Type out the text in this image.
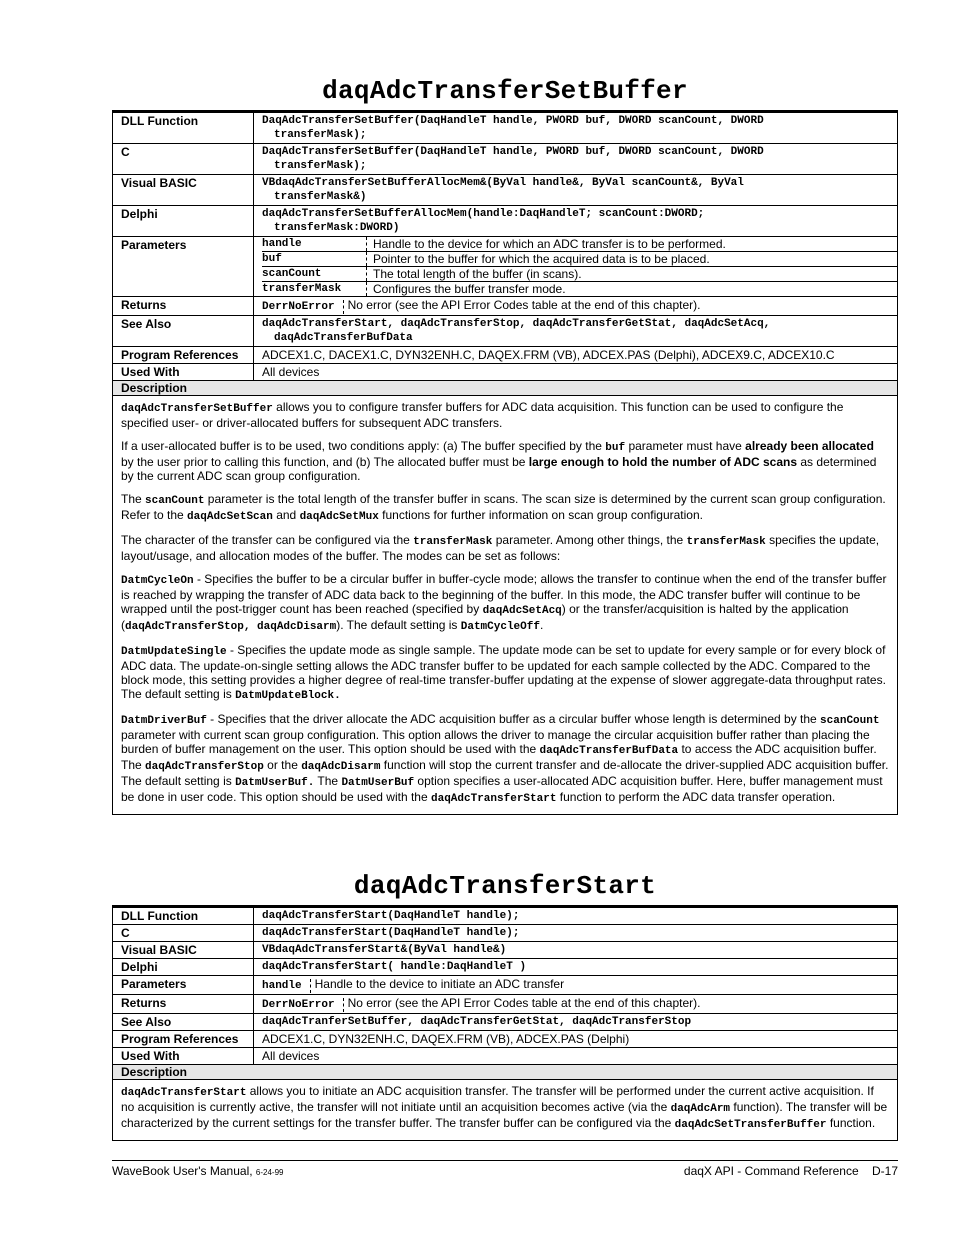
daqAdcTransferSetBuffer
DLL Function	DaqAdcTransferSetBuffer(DaqHandleT handle, PWORD buf, DWORD scanCount, DWORD
transferMask);

C	DaqAdcTransferSetBuffer(DaqHandleT handle, PWORD buf, DWORD scanCount, DWORD
transferMask);

Visual BASIC	VBdaqAdcTransferSetBufferAllocMem&(ByVal handle&, ByVal scanCount&, ByVal
transferMask&)

Delphi	daqAdcTransferSetBufferAllocMem(handle:DaqHandleT; scanCount:DWORD;
transferMask:DWORD)

Parameters		handle	Handle to the device for which an ADC transfer is to be performed.
buf	Pointer to the buffer for which the acquired data is to be placed.
scanCount	The total length of the buffer (in scans).
transferMask	Configures the buffer transfer mode.

Returns	DerrNoError No error (see the API Error Codes table at the end of this chapter).
See Also	daqAdcTransferStart, daqAdcTransferStop, daqAdcTransferGetStat, daqAdcSetAcq,
daqAdcTransferBufData

Program References	ADCEX1.C, DACEX1.C, DYN32ENH.C, DAQEX.FRM (VB), ADCEX.PAS (Delphi), ADCEX9.C, ADCEX10.C
Used With	All devices
Description

daqAdcTransferSetBuffer allows you to configure transfer buffers for ADC data acquisition. This function can be used to configure the specified user- or driver-allocated buffers for subsequent ADC transfers.

If a user-allocated buffer is to be used, two conditions apply: (a) The buffer specified by the buf parameter must have already been allocated by the user prior to calling this function, and (b) The allocated buffer must be large enough to hold the number of ADC scans as determined by the current ADC scan group configuration.

The scanCount parameter is the total length of the transfer buffer in scans. The scan size is determined by the current scan group configuration. Refer to the daqAdcSetScan and daqAdcSetMux functions for further information on scan group configuration.

The character of the transfer can be configured via the transferMask parameter. Among other things, the transferMask specifies the update, layout/usage, and allocation modes of the buffer. The modes can be set as follows:

DatmCycleOn - Specifies the buffer to be a circular buffer in buffer-cycle mode; allows the transfer to continue when the end of the transfer buffer is reached by wrapping the transfer of ADC data back to the beginning of the buffer. In this mode, the ADC transfer buffer will continue to be wrapped until the post-trigger count has been reached (specified by daqAdcSetAcq) or the transfer/acquisition is halted by the application (daqAdcTransferStop, daqAdcDisarm). The default setting is DatmCycleOff.

DatmUpdateSingle - Specifies the update mode as single sample. The update mode can be set to update for every sample or for every block of ADC data. The update-on-single setting allows the ADC transfer buffer to be updated for each sample collected by the ADC. Compared to the block mode, this setting provides a higher degree of real-time transfer-buffer updating at the expense of slower aggregate-data throughput rates. The default setting is DatmUpdateBlock.

DatmDriverBuf - Specifies that the driver allocate the ADC acquisition buffer as a circular buffer whose length is determined by the scanCount parameter with current scan group configuration. This option allows the driver to manage the circular acquisition buffer rather than placing the burden of buffer management on the user. This option should be used with the daqAdcTransferBufData to access the ADC acquisition buffer. The daqAdcTransferStop or the daqAdcDisarm function will stop the current transfer and de-allocate the driver-supplied ADC acquisition buffer. The default setting is DatmUserBuf. The DatmUserBuf option specifies a user-allocated ADC acquisition buffer. Here, buffer management must be done in user code. This option should be used with the daqAdcTransferStart function to perform the ADC data transfer operation.

daqAdcTransferStart
DLL Function	daqAdcTransferStart(DaqHandleT handle);
C	daqAdcTransferStart(DaqHandleT handle);
Visual BASIC	VBdaqAdcTransferStart&(ByVal handle&)
Delphi	daqAdcTransferStart( handle:DaqHandleT )
Parameters	handle Handle to the device to initiate an ADC transfer
Returns	DerrNoError No error (see the API Error Codes table at the end of this chapter).
See Also	daqAdcTranferSetBuffer, daqAdcTransferGetStat, daqAdcTransferStop
Program References	ADCEX1.C, DYN32ENH.C, DAQEX.FRM (VB), ADCEX.PAS (Delphi)
Used With	All devices
Description	

daqAdcTransferStart allows you to initiate an ADC acquisition transfer. The transfer will be performed under the current active acquisition. If no acquisition is currently active, the transfer will not initiate until an acquisition becomes active (via the daqAdcArm function). The transfer will be characterized by the current settings for the transfer buffer. The transfer buffer can be configured via the daqAdcSetTransferBuffer function.	

WaveBook User's Manual, 6-24-99	daqX API - Command Reference    D-17
